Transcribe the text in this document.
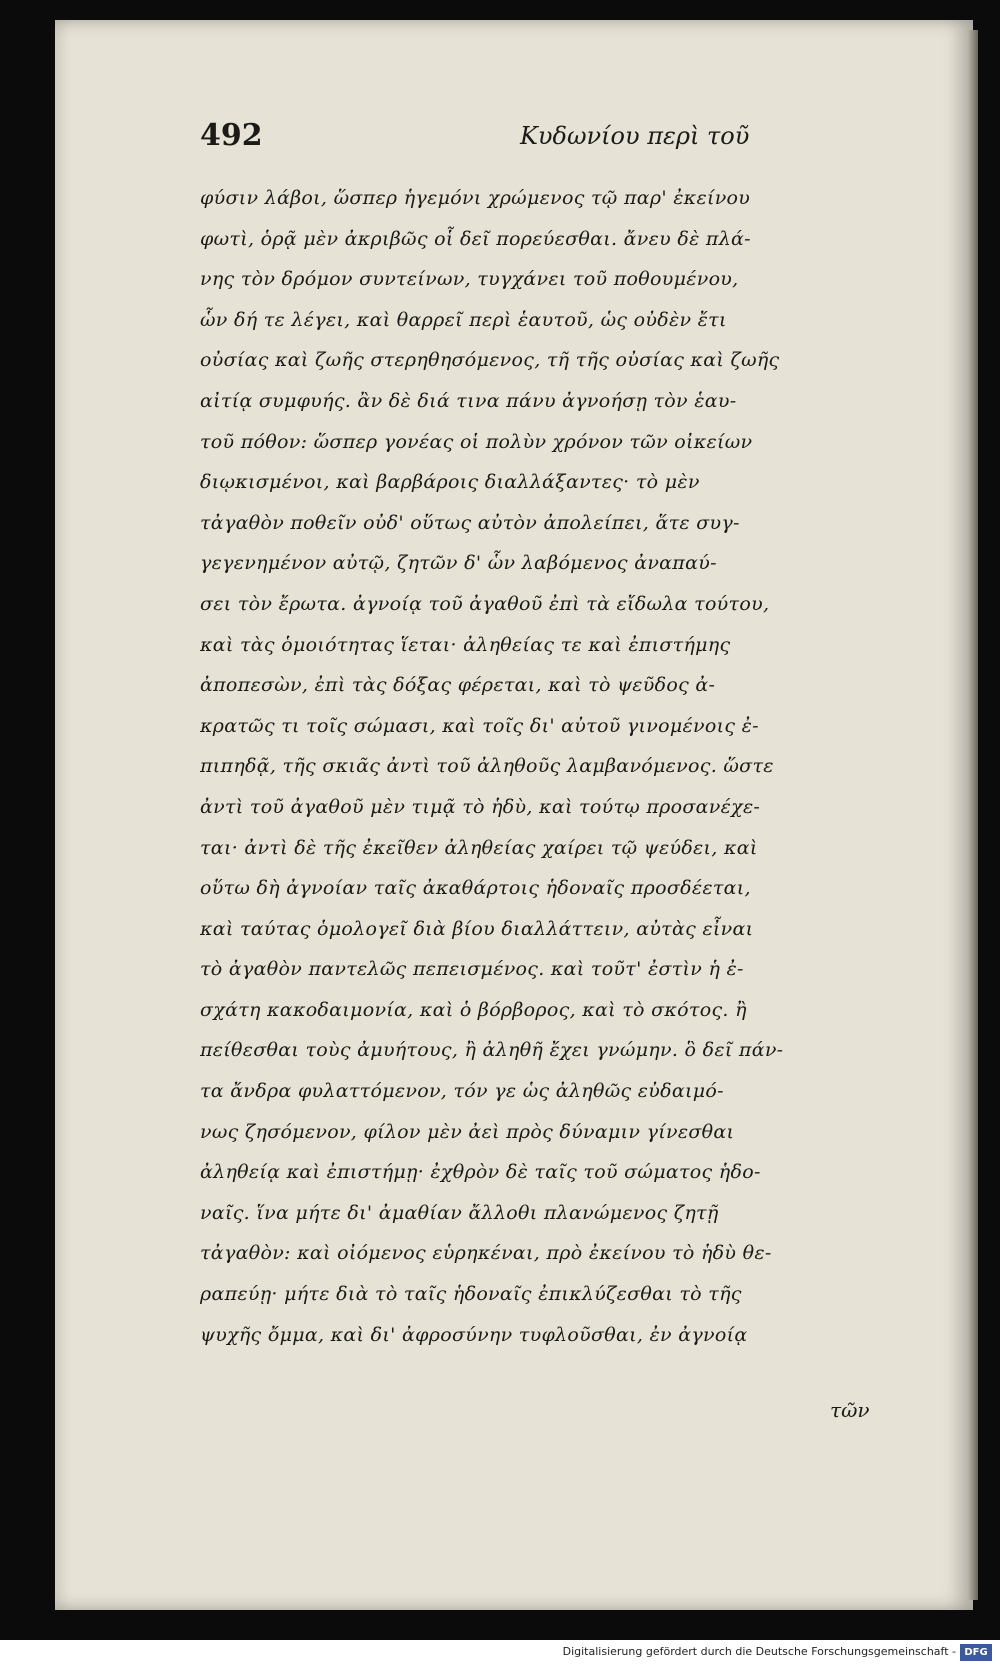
492	Κυδωνίου περὶ τοῦ
φύσιν λάβοι, ὥσπερ ἡγεμόνι χρώμενος τῷ παρ' ἐκείνου
φωτὶ, ὁρᾷ μὲν ἀκριβῶς οἷ δεῖ πορεύεσθαι. ἄνευ δὲ πλά-
νης τὸν δρόμον συντείνων, τυγχάνει τοῦ ποθουμένου,
ὧν δή τε λέγει, καὶ θαρρεῖ περὶ ἑαυτοῦ, ὡς οὐδὲν ἔτι
οὐσίας καὶ ζωῆς στερηθησόμενος, τῆ τῆς οὐσίας καὶ ζωῆς
αἰτίᾳ συμφυής. ἂν δὲ διά τινα πάνυ ἀγνοήσῃ τὸν ἑαυ-
τοῦ πόθον: ὥσπερ γονέας οἱ πολὺν χρόνον τῶν οἰκείων
διῳκισμένοι, καὶ βαρβάροις διαλλάξαντες· τὸ μὲν
τἀγαθὸν ποθεῖν οὐδ' οὕτως αὐτὸν ἀπολείπει, ἅτε συγ-
γεγενημένον αὐτῷ, ζητῶν δ' ὧν λαβόμενος ἀναπαύ-
σει τὸν ἔρωτα. ἀγνοίᾳ τοῦ ἀγαθοῦ ἐπὶ τὰ εἴδωλα τούτου,
καὶ τὰς ὁμοιότητας ἵεται· ἀληθείας τε καὶ ἐπιστήμης
ἀποπεσὼν, ἐπὶ τὰς δόξας φέρεται, καὶ τὸ ψεῦδος ἀ-
κρατῶς τι τοῖς σώμασι, καὶ τοῖς δι' αὐτοῦ γινομένοις ἐ-
πιπηδᾷ, τῆς σκιᾶς ἀντὶ τοῦ ἀληθοῦς λαμβανόμενος. ὥστε
ἀντὶ τοῦ ἀγαθοῦ μὲν τιμᾷ τὸ ἡδὺ, καὶ τούτῳ προσανέχε-
ται· ἀντὶ δὲ τῆς ἐκεῖθεν ἀληθείας χαίρει τῷ ψεύδει, καὶ
οὕτω δὴ ἀγνοίαν ταῖς ἀκαθάρτοις ἡδοναῖς προσδέεται,
καὶ ταύτας ὁμολογεῖ διὰ βίου διαλλάττειν, αὐτὰς εἶναι
τὸ ἀγαθὸν παντελῶς πεπεισμένος. καὶ τοῦτ' ἐστὶν ἡ ἐ-
σχάτη κακοδαιμονία, καὶ ὁ βόρβορος, καὶ τὸ σκότος. ἢ
πείθεσθαι τοὺς ἀμυήτους, ἢ ἀληθῆ ἔχει γνώμην. ὃ δεῖ πάν-
τα ἄνδρα φυλαττόμενον, τόν γε ὡς ἀληθῶς εὐδαιμό-
νως ζησόμενον, φίλον μὲν ἀεὶ πρὸς δύναμιν γίνεσθαι
ἀληθείᾳ καὶ ἐπιστήμῃ· ἐχθρὸν δὲ ταῖς τοῦ σώματος ἡδο-
ναῖς. ἵνα μήτε δι' ἀμαθίαν ἄλλοθι πλανώμενος ζητῇ
τἀγαθὸν: καὶ οἰόμενος εὑρηκέναι, πρὸ ἐκείνου τὸ ἡδὺ θε-
ραπεύῃ· μήτε διὰ τὸ ταῖς ἡδοναῖς ἐπικλύζεσθαι τὸ τῆς
ψυχῆς ὄμμα, καὶ δι' ἀφροσύνην τυφλοῦσθαι, ἐν ἀγνοίᾳ
τῶν
Digitalisierung gefördert durch die Deutsche Forschungsgemeinschaft - DFG
